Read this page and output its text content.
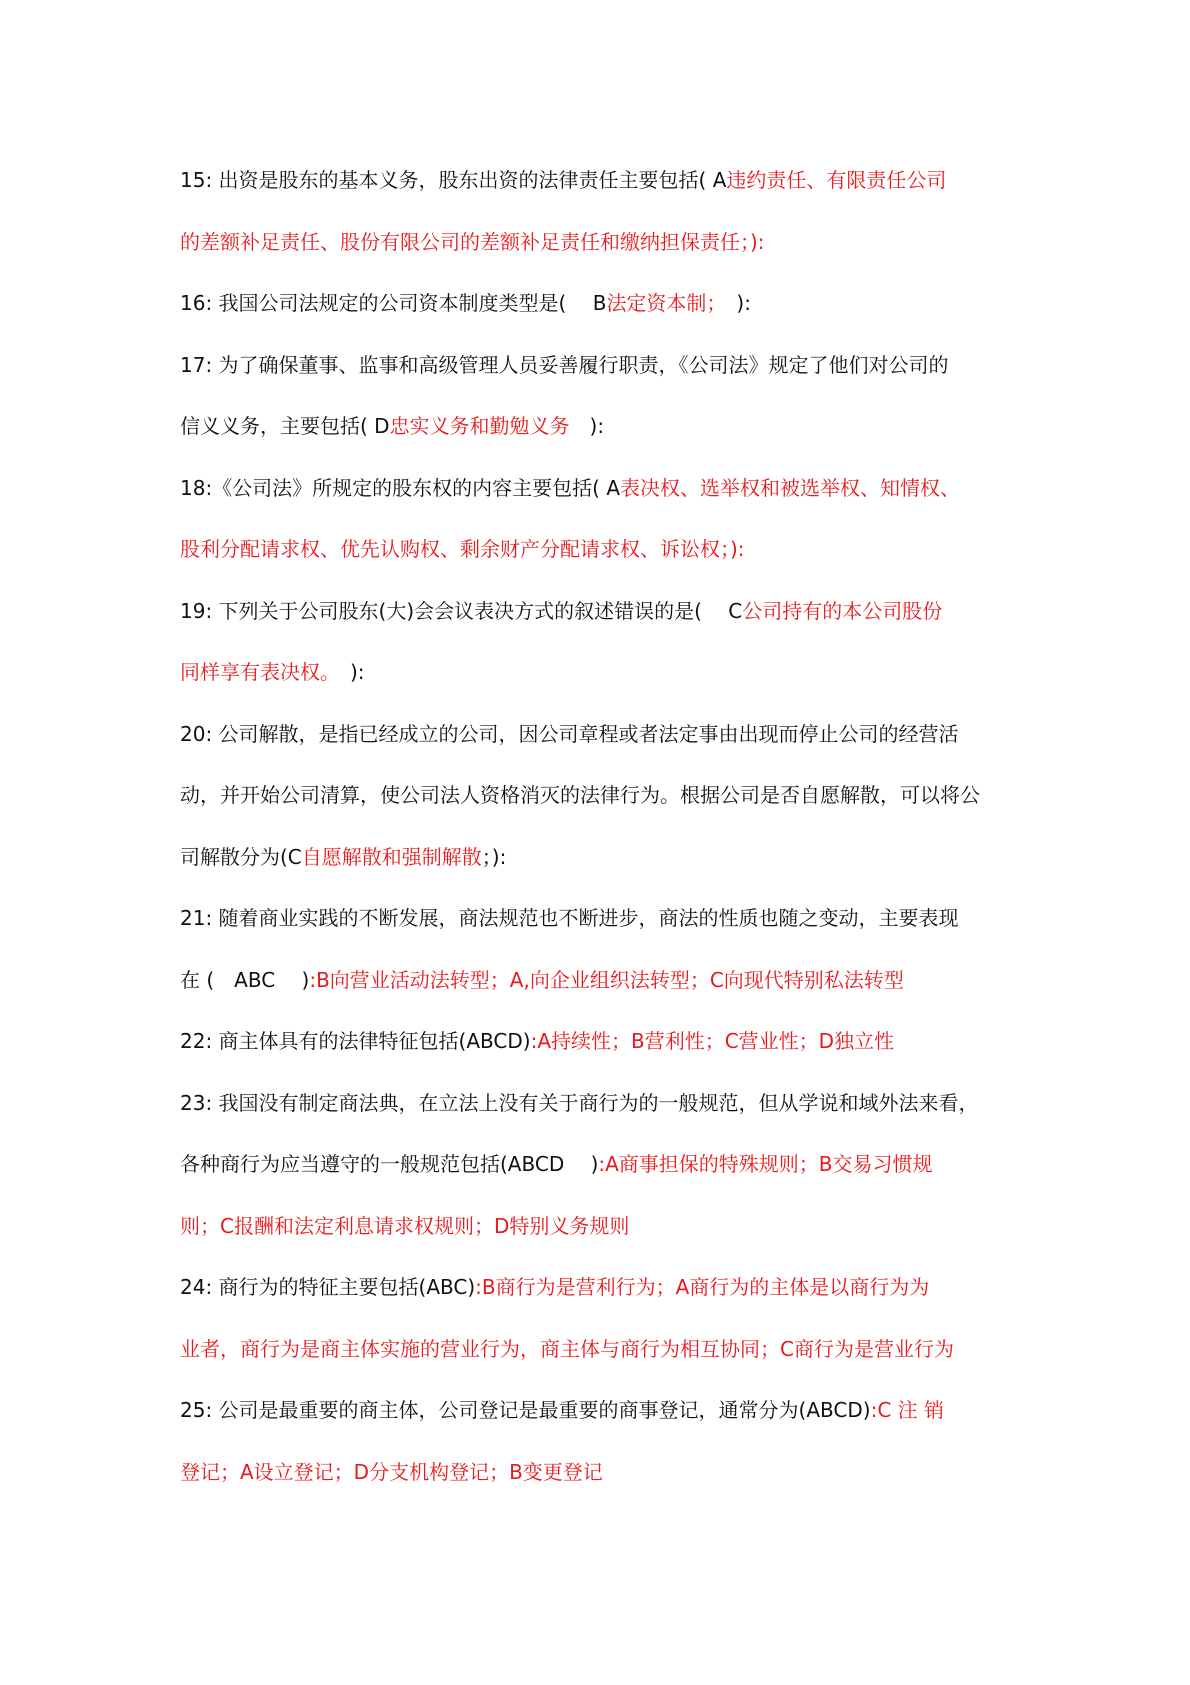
15: 出资是股东的基本义务，股东出资的法律责任主要包括( A违约责任、有限责任公司
的差额补足责任、股份有限公司的差额补足责任和缴纳担保责任；):
16: 我国公司法规定的公司资本制度类型是(　 B法定资本制；　):
17: 为了确保董事、监事和高级管理人员妥善履行职责，《公司法》规定了他们对公司的
信义义务，主要包括( D忠实义务和勤勉义务　):
18:《公司法》所规定的股东权的内容主要包括( A表决权、选举权和被选举权、知情权、
股利分配请求权、优先认购权、剩余财产分配请求权、诉讼权；):
19: 下列关于公司股东(大)会会议表决方式的叙述错误的是(　 C公司持有的本公司股份
同样享有表决权。　):
20: 公司解散，是指已经成立的公司，因公司章程或者法定事由出现而停止公司的经营活
动，并开始公司清算，使公司法人资格消灭的法律行为。根据公司是否自愿解散，可以将公
司解散分为(C自愿解散和强制解散；):
21: 随着商业实践的不断发展，商法规范也不断进步，商法的性质也随之变动，主要表现
在 (　ABC　 ):B向营业活动法转型；A,向企业组织法转型；C向现代特别私法转型
22: 商主体具有的法律特征包括(ABCD):A持续性；B营利性；C营业性；D独立性
23: 我国没有制定商法典，在立法上没有关于商行为的一般规范，但从学说和域外法来看，
各种商行为应当遵守的一般规范包括(ABCD　 ):A商事担保的特殊规则；B交易习惯规
则；C报酬和法定利息请求权规则；D特别义务规则
24: 商行为的特征主要包括(ABC):B商行为是营利行为；A商行为的主体是以商行为为
业者，商行为是商主体实施的营业行为，商主体与商行为相互协同；C商行为是营业行为
25: 公司是最重要的商主体，公司登记是最重要的商事登记，通常分为(ABCD):C 注 销
登记；A设立登记；D分支机构登记；B变更登记
